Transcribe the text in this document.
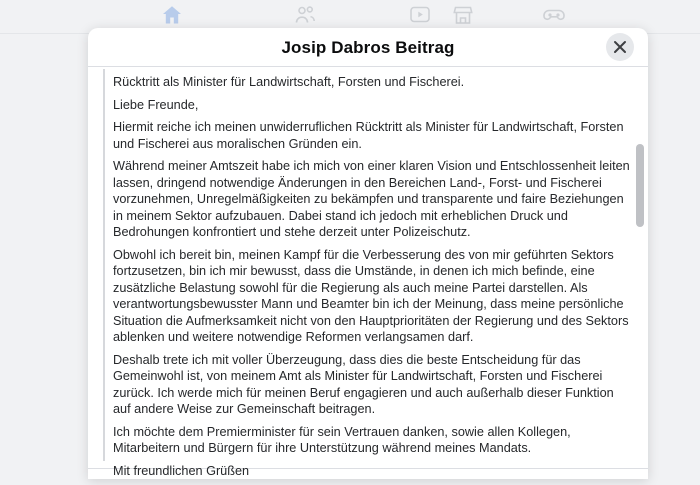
Josip Dabros Beitrag

Rücktritt als Minister für Landwirtschaft, Forsten und Fischerei.

Liebe Freunde,

Hiermit reiche ich meinen unwiderruflichen Rücktritt als Minister für Landwirtschaft, Forsten und Fischerei aus moralischen Gründen ein.

Während meiner Amtszeit habe ich mich von einer klaren Vision und Entschlossenheit leiten lassen, dringend notwendige Änderungen in den Bereichen Land-, Forst- und Fischerei vorzunehmen, Unregelmäßigkeiten zu bekämpfen und transparente und faire Beziehungen in meinem Sektor aufzubauen. Dabei stand ich jedoch mit erheblichen Druck und Bedrohungen konfrontiert und stehe derzeit unter Polizeischutz.

Obwohl ich bereit bin, meinen Kampf für die Verbesserung des von mir geführten Sektors fortzusetzen, bin ich mir bewusst, dass die Umstände, in denen ich mich befinde, eine zusätzliche Belastung sowohl für die Regierung als auch meine Partei darstellen. Als verantwortungsbewusster Mann und Beamter bin ich der Meinung, dass meine persönliche Situation die Aufmerksamkeit nicht von den Hauptprioritäten der Regierung und des Sektors ablenken und weitere notwendige Reformen verlangsamen darf.

Deshalb trete ich mit voller Überzeugung, dass dies die beste Entscheidung für das Gemeinwohl ist, von meinem Amt als Minister für Landwirtschaft, Forsten und Fischerei zurück. Ich werde mich für meinen Beruf engagieren und auch außerhalb dieser Funktion auf andere Weise zur Gemeinschaft beitragen.

Ich möchte dem Premierminister für sein Vertrauen danken, sowie allen Kollegen, Mitarbeitern und Bürgern für ihre Unterstützung während meines Mandats.

Mit freundlichen Grüßen
